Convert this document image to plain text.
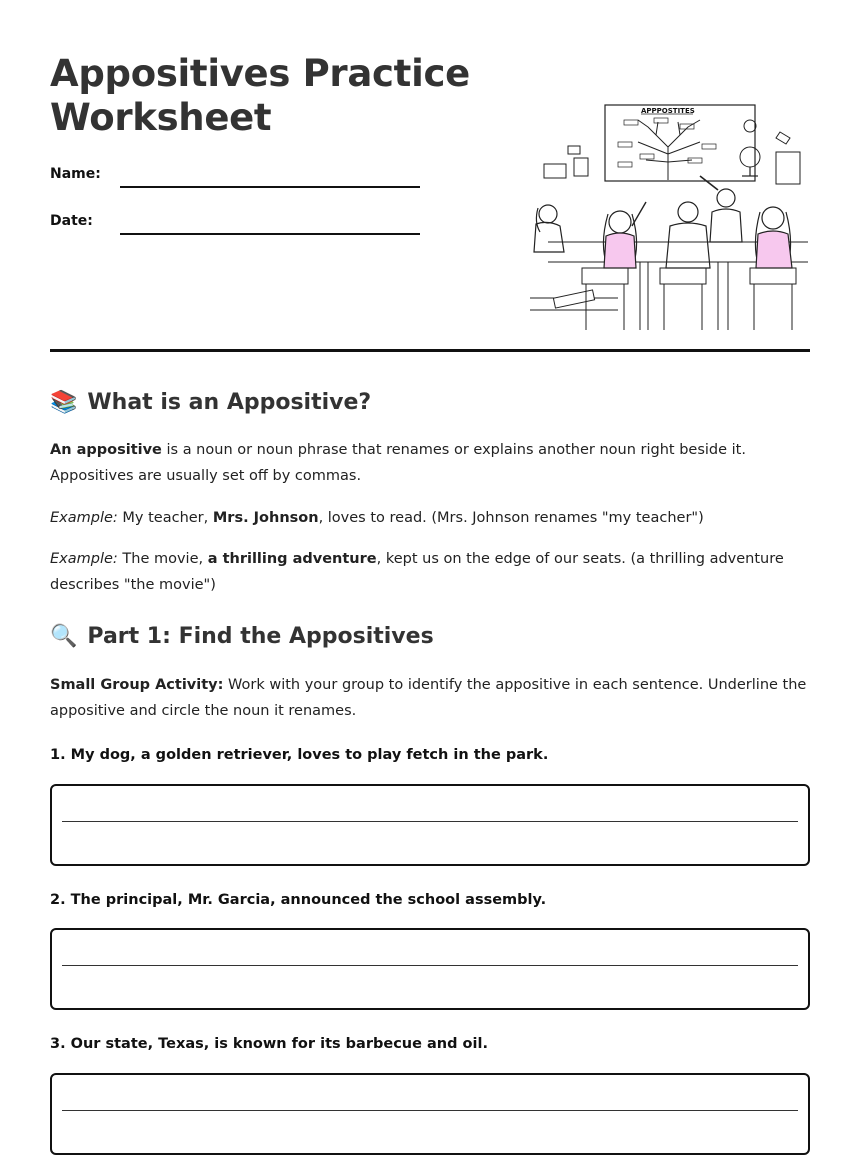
Appositives Practice Worksheet
Name:
Date:
APPPOSTITES
📚 What is an Appositive?

An appositive is a noun or noun phrase that renames or explains another noun right beside it. Appositives are usually set off by commas.

Example: My teacher, Mrs. Johnson, loves to read. (Mrs. Johnson renames "my teacher")

Example: The movie, a thrilling adventure, kept us on the edge of our seats. (a thrilling adventure describes "the movie")

🔍 Part 1: Find the Appositives

Small Group Activity: Work with your group to identify the appositive in each sentence. Underline the appositive and circle the noun it renames.

1. My dog, a golden retriever, loves to play fetch in the park.

2. The principal, Mr. Garcia, announced the school assembly.

3. Our state, Texas, is known for its barbecue and oil.
